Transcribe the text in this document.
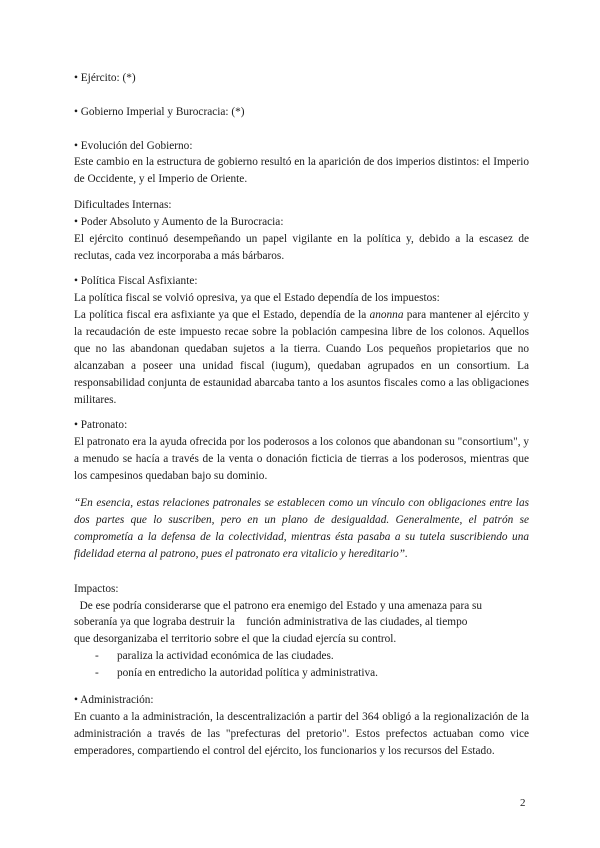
• Ejército: (*)

• Gobierno Imperial y Burocracia: (*)

• Evolución del Gobierno:

Este cambio en la estructura de gobierno resultó en la aparición de dos imperios distintos: el Imperio de Occidente, y el Imperio de Oriente.

Dificultades Internas:

• Poder Absoluto y Aumento de la Burocracia:

El ejército continuó desempeñando un papel vigilante en la política y, debido a la escasez de reclutas, cada vez incorporaba a más bárbaros.

• Política Fiscal Asfixiante:

La política fiscal se volvió opresiva, ya que el Estado dependía de los impuestos:

La política fiscal era asfixiante ya que el Estado, dependía de la anonna para mantener al ejército y la recaudación de este impuesto recae sobre la población campesina libre de los colonos. Aquellos que no las abandonan quedaban sujetos a la tierra. Cuando Los pequeños propietarios que no alcanzaban a poseer una unidad fiscal (iugum), quedaban agrupados en un consortium. La responsabilidad conjunta de estaunidad abarcaba tanto a los asuntos fiscales como a las obligaciones militares.

• Patronato:

El patronato era la ayuda ofrecida por los poderosos a los colonos que abandonan su "consortium", y a menudo se hacía a través de la venta o donación ficticia de tierras a los poderosos, mientras que los campesinos quedaban bajo su dominio.

“En esencia, estas relaciones patronales se establecen como un vínculo con obligaciones entre las dos partes que lo suscriben, pero en un plano de desigualdad. Generalmente, el patrón se comprometía a la defensa de la colectividad, mientras ésta pasaba a su tutela suscribiendo una fidelidad eterna al patrono, pues el patronato era vitalicio y hereditario”.

Impactos:

De ese podría considerarse que el patrono era enemigo del Estado y una amenaza para su

soberanía ya que lograba destruir la    función administrativa de las ciudades, al tiempo

que desorganizaba el territorio sobre el que la ciudad ejercía su control.

- paraliza la actividad económica de las ciudades.
- ponía en entredicho la autoridad política y administrativa.

• Administración:

En cuanto a la administración, la descentralización a partir del 364 obligó a la regionalización de la administración a través de las "prefecturas del pretorio". Estos prefectos actuaban como vice emperadores, compartiendo el control del ejército, los funcionarios y los recursos del Estado.

2
